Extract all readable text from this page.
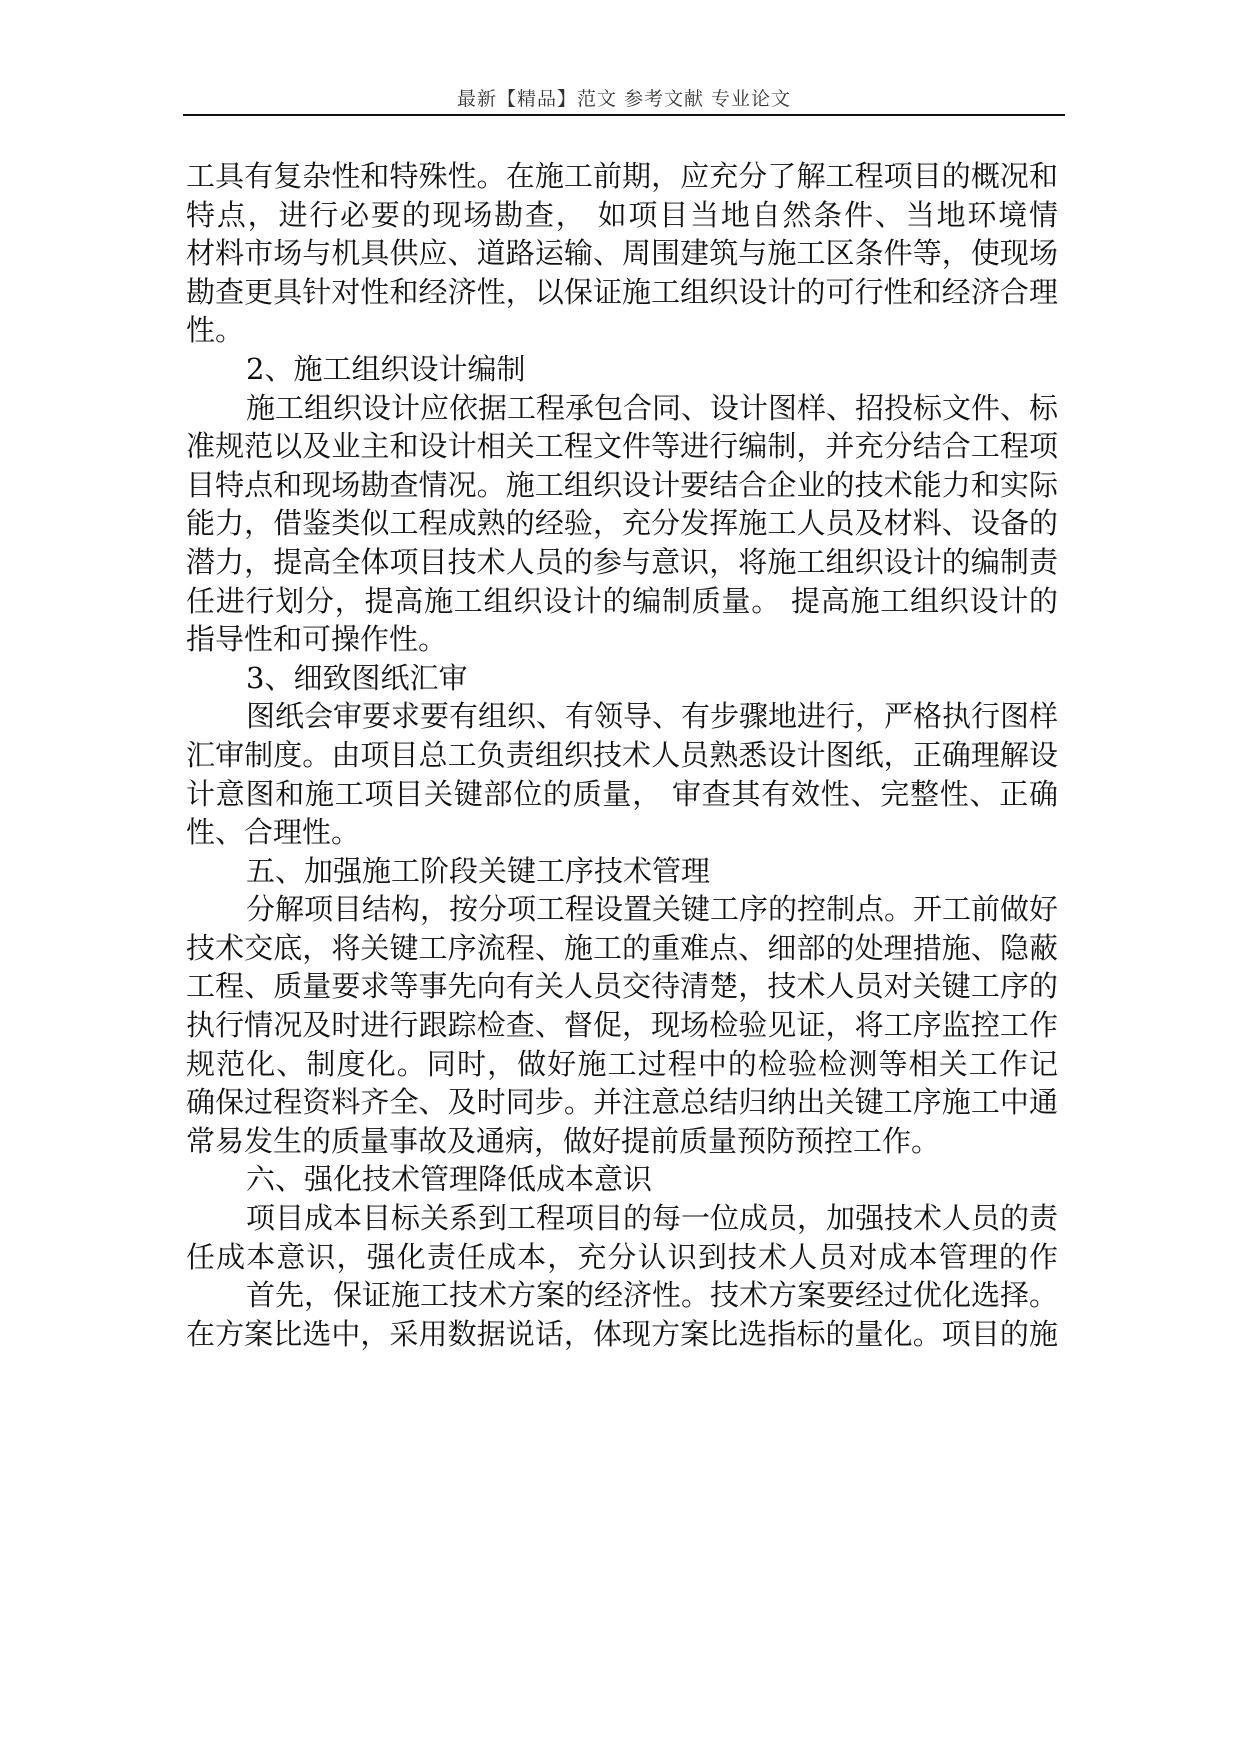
最新【精品】范文 参考文献 专业论文
工具有复杂性和特殊性。在施工前期，应充分了解工程项目的概况和
特点，进行必要的现场勘查， 如项目当地自然条件、当地环境情
材料市场与机具供应、道路运输、周围建筑与施工区条件等，使现场
勘查更具针对性和经济性，以保证施工组织设计的可行性和经济合理
性。
2、施工组织设计编制
施工组织设计应依据工程承包合同、设计图样、招投标文件、标
准规范以及业主和设计相关工程文件等进行编制，并充分结合工程项
目特点和现场勘查情况。施工组织设计要结合企业的技术能力和实际
能力，借鉴类似工程成熟的经验，充分发挥施工人员及材料、设备的
潜力，提高全体项目技术人员的参与意识，将施工组织设计的编制责
任进行划分，提高施工组织设计的编制质量。 提高施工组织设计的
指导性和可操作性。
3、细致图纸汇审
图纸会审要求要有组织、有领导、有步骤地进行，严格执行图样
汇审制度。由项目总工负责组织技术人员熟悉设计图纸，正确理解设
计意图和施工项目关键部位的质量， 审查其有效性、完整性、正确
性、合理性。
五、加强施工阶段关键工序技术管理
分解项目结构，按分项工程设置关键工序的控制点。开工前做好
技术交底，将关键工序流程、施工的重难点、细部的处理措施、隐蔽
工程、质量要求等事先向有关人员交待清楚，技术人员对关键工序的
执行情况及时进行跟踪检查、督促，现场检验见证，将工序监控工作
规范化、制度化。同时，做好施工过程中的检验检测等相关工作记
确保过程资料齐全、及时同步。并注意总结归纳出关键工序施工中通
常易发生的质量事故及通病，做好提前质量预防预控工作。
六、强化技术管理降低成本意识
项目成本目标关系到工程项目的每一位成员，加强技术人员的责
任成本意识，强化责任成本，充分认识到技术人员对成本管理的作
首先，保证施工技术方案的经济性。技术方案要经过优化选择。
在方案比选中，采用数据说话，体现方案比选指标的量化。项目的施
